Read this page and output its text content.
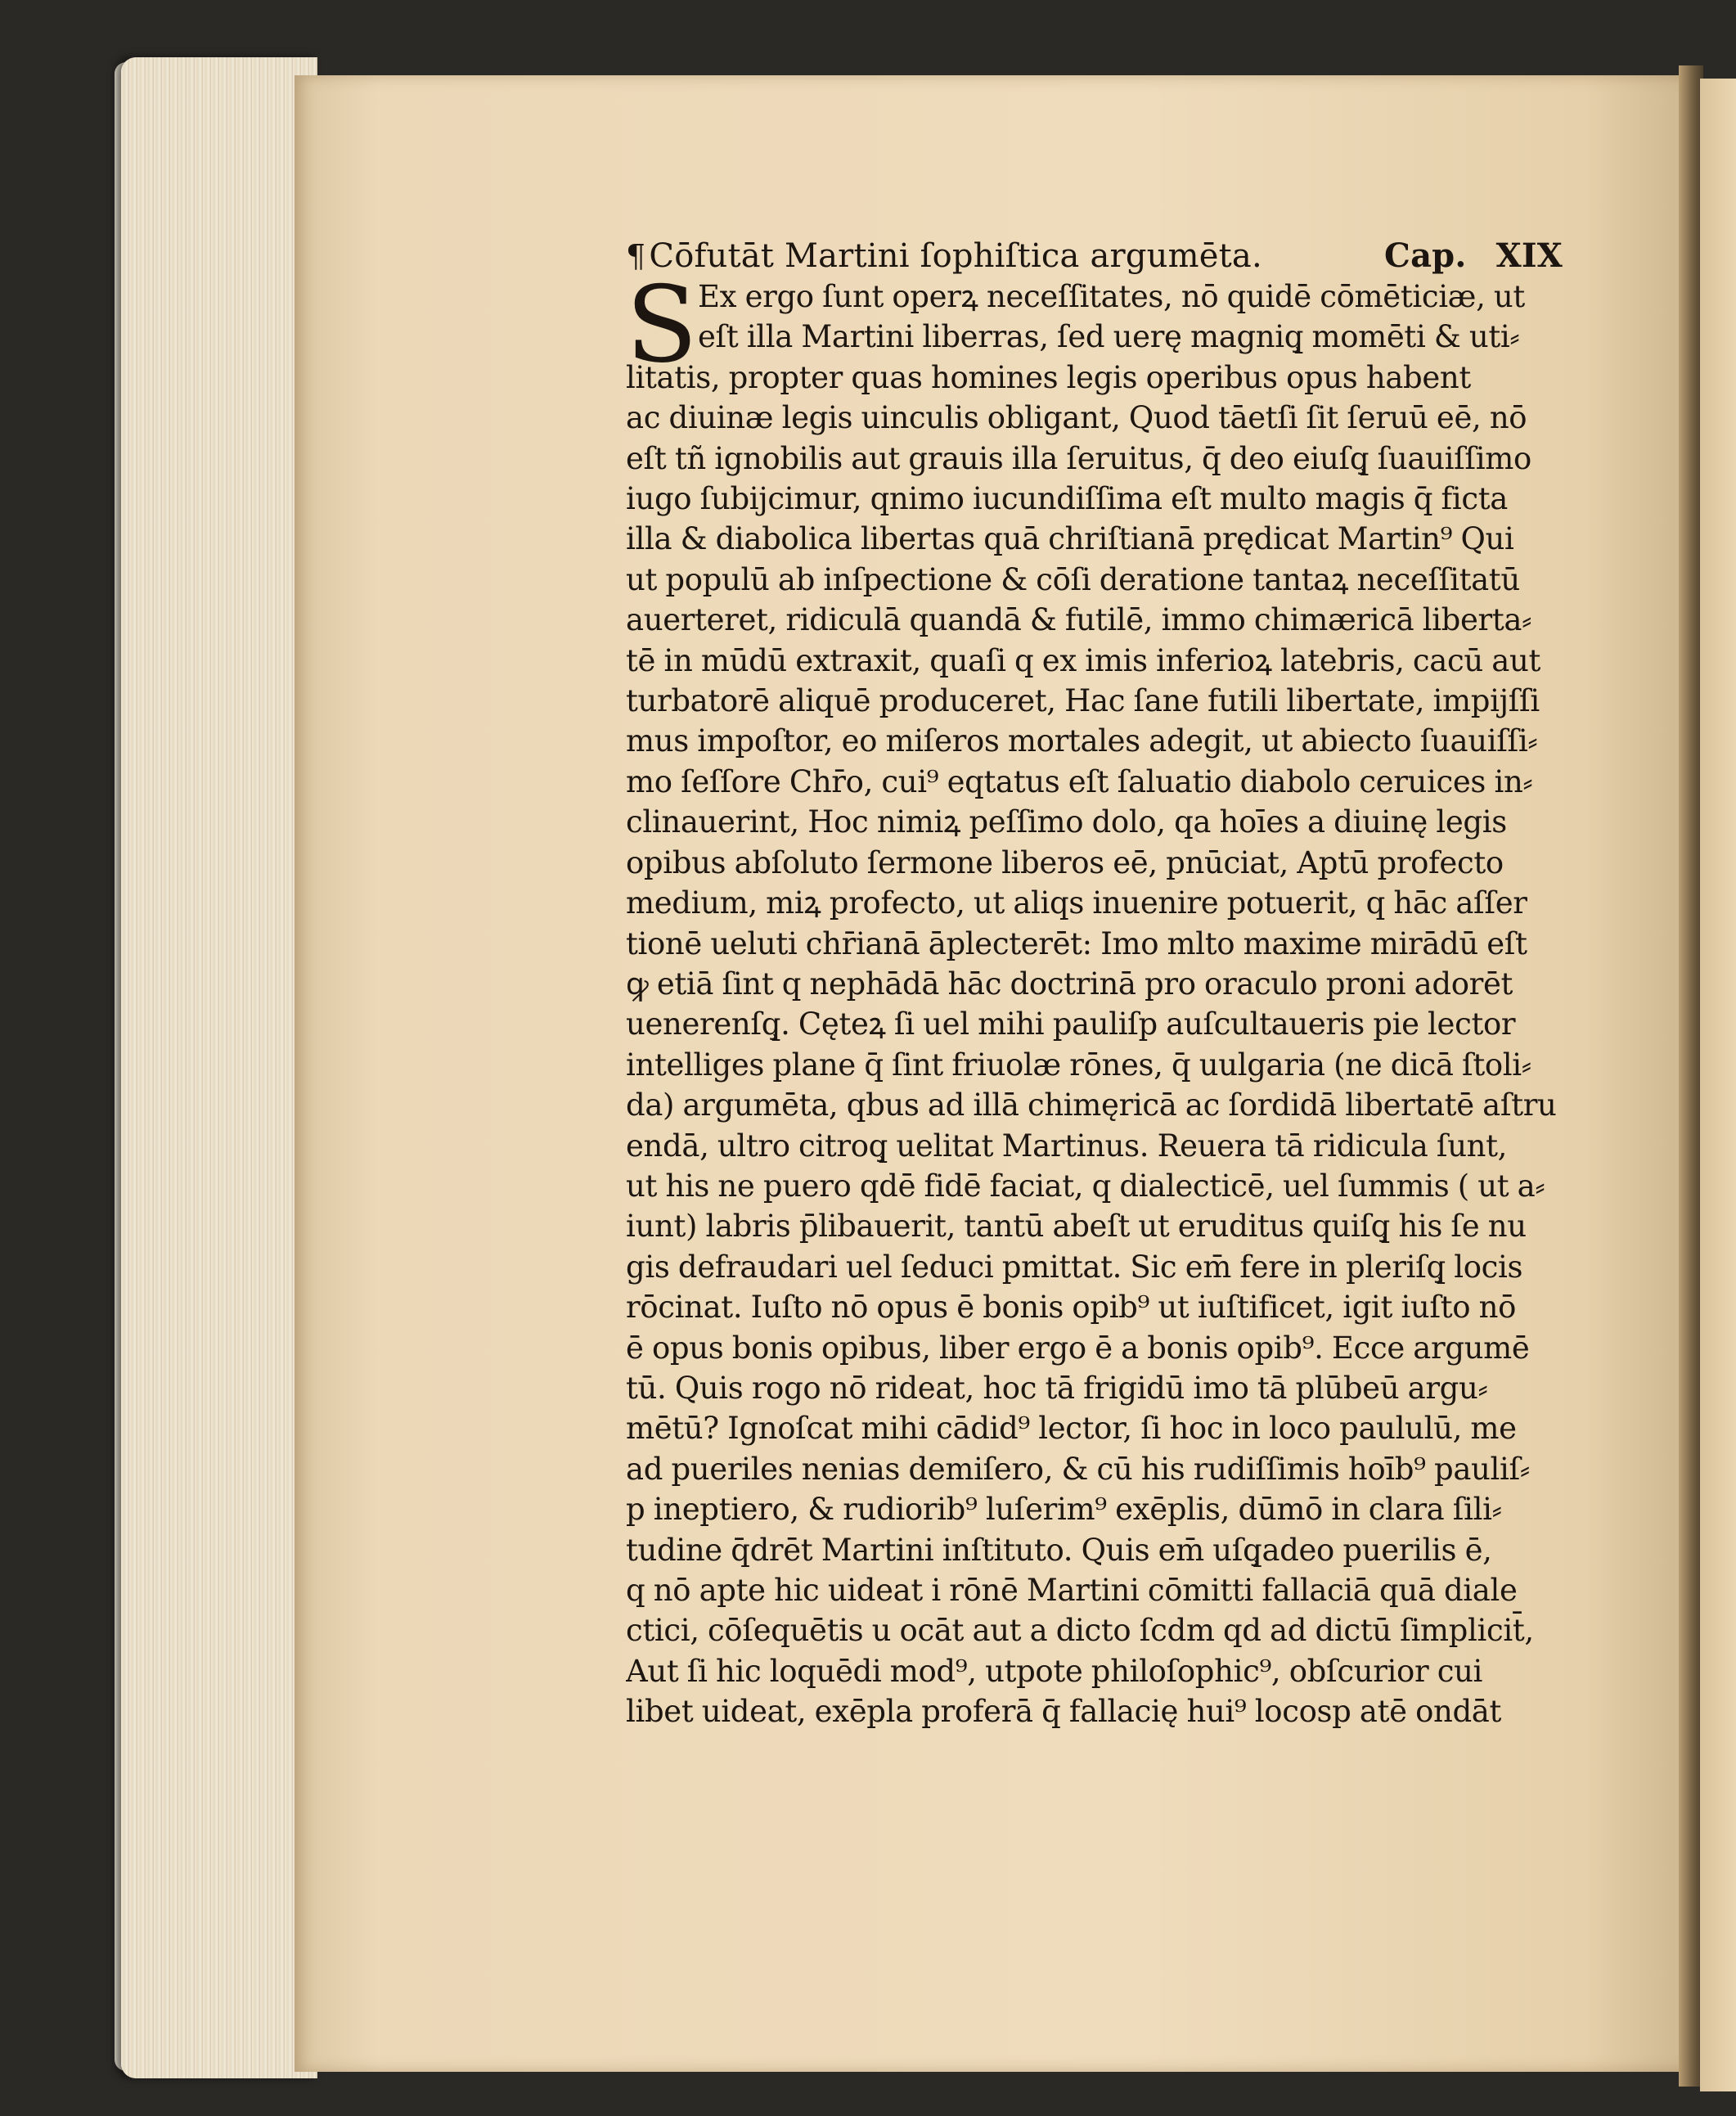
¶ Cōfutāt Martini ſophiſtica argumēta.	Cap. XIX
S Ex ergo ſunt operꝝ neceſſitates, nō quidē cōmēticiæ, ut
eſt illa Martini liberras, ſed uerę magniq̧ momēti & uti⸗
litatis, propter quas homines legis operibus opus habent
ac diuinæ legis uinculis obligant, Quod tāetſi ſit ſeruū eē, nō
eſt tñ ignobilis aut grauis illa ſeruitus, q̄ deo eiuſq̧ ſuauiſſimo
iugo ſubijcimur, qnimo iucundiſſima eſt multo magis q̄ ficta
illa & diabolica libertas quā chriſtianā prędicat Martin⁹ Qui
ut populū ab inſpectione & cōſi deratione tantaꝝ neceſſitatū
auerteret, ridiculā quandā & futilē, immo chimæricā liberta⸗
tē in mūdū extraxit, quaſi q ex imis inferioꝝ latebris, cacū aut
turbatorē aliquē produceret, Hac ſane futili libertate, impijſſi
mus impoſtor, eo miſeros mortales adegit, ut abiecto ſuauiſſi⸗
mo ſeſſore Chr̄o, cui⁹ eqtatus eſt ſaluatio diabolo ceruices in⸗
clinauerint, Hoc nimiꝝ peſſimo dolo, qa hoīes a diuinę legis
opibus abſoluto ſermone liberos eē, pnūciat, Aptū profecto
medium, miꝝ profecto, ut aliqs inuenire potuerit, q hāc aſſer
tionē ueluti chr̄ianā āplecterēt: Imo mlto maxime mirādū eſt
ꝙ etiā ſint q nephādā hāc doctrinā pro oraculo proni adorēt
uenerenſq̧. Cęteꝝ ſi uel mihi pauliſp auſcultaueris pie lector
intelliges plane q̄ ſint friuolæ rōnes, q̄ uulgaria (ne dicā ſtoli⸗
da) argumēta, qbus ad illā chimęricā ac ſordidā libertatē aſtru
endā, ultro citroq̧ uelitat Martinus. Reuera tā ridicula ſunt,
ut his ne puero qdē fidē faciat, q dialecticē, uel ſummis ( ut a⸗
iunt) labris p̄libauerit, tantū abeſt ut eruditus quiſq̧ his ſe nu
gis defraudari uel ſeduci pmittat. Sic em̄ fere in pleriſq̧ locis
rōcinat. Iuſto nō opus ē bonis opib⁹ ut iuſtificet, igit iuſto nō
ē opus bonis opibus, liber ergo ē a bonis opib⁹. Ecce argumē
tū. Quis rogo nō rideat, hoc tā frigidū imo tā plūbeū argu⸗
mētū? Ignoſcat mihi cādid⁹ lector, ſi hoc in loco paululū, me
ad pueriles nenias demiſero, & cū his rudiſſimis hoīb⁹ pauliſ⸗
p ineptiero, & rudiorib⁹ luſerim⁹ exēplis, dūmō in clara ſili⸗
tudine q̄drēt Martini inſtituto. Quis em̄ uſq̧adeo puerilis ē,
q nō apte hic uideat i rōnē Martini cōmitti fallaciā quā diale
ctici, cōſequētis u ocāt aut a dicto ſcdm qd ad dictū ſimplicit̄,
Aut ſi hic loquēdi mod⁹, utpote philoſophic⁹, obſcurior cui
libet uideat, exēpla proferā q̄ fallacię hui⁹ locosp atē ondāt
